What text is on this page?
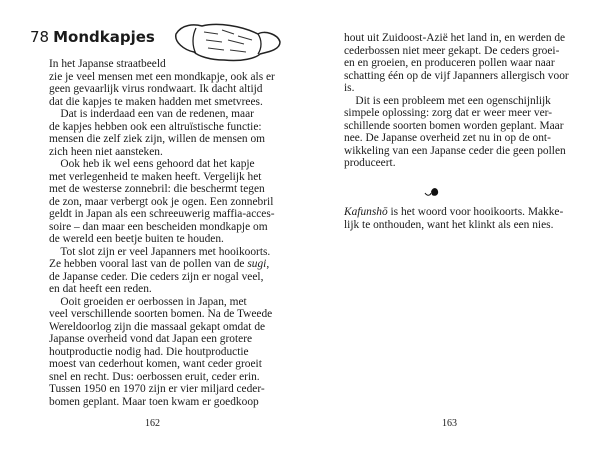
78 Mondkapjes
In het Japanse straatbeeld
zie je veel mensen met een mondkapje, ook als er
geen gevaarlijk virus rondwaart. Ik dacht altijd
dat die kapjes te maken hadden met smetvrees.
 Dat is inderdaad een van de redenen, maar
de kapjes hebben ook een altruïstische functie:
mensen die zelf ziek zijn, willen de mensen om
zich heen niet aansteken.
 Ook heb ik wel eens gehoord dat het kapje
met verlegenheid te maken heeft. Vergelijk het
met de westerse zonnebril: die beschermt tegen
de zon, maar verbergt ook je ogen. Een zonnebril
geldt in Japan als een schreeuwerig maffia-acces-
soire – dan maar een bescheiden mondkapje om
de wereld een beetje buiten te houden.
 Tot slot zijn er veel Japanners met hooikoorts.
Ze hebben vooral last van de pollen van de sugi,
de Japanse ceder. Die ceders zijn er nogal veel,
en dat heeft een reden.
 Ooit groeiden er oerbossen in Japan, met
veel verschillende soorten bomen. Na de Tweede
Wereldoorlog zijn die massaal gekapt omdat de
Japanse overheid vond dat Japan een grotere
houtproductie nodig had. Die houtproductie
moest van cederhout komen, want ceder groeit
snel en recht. Dus: oerbossen eruit, ceder erin.
Tussen 1950 en 1970 zijn er vier miljard ceder-
bomen geplant. Maar toen kwam er goedkoop
162
hout uit Zuidoost-Azië het land in, en werden de
cederbossen niet meer gekapt. De ceders groei-
en en groeien, en produceren pollen waar naar
schatting één op de vijf Japanners allergisch voor
is.
 Dit is een probleem met een ogenschijnlijk
simpele oplossing: zorg dat er weer meer ver-
schillende soorten bomen worden geplant. Maar
nee. De Japanse overheid zet nu in op de ont-
wikkeling van een Japanse ceder die geen pollen
produceert.
Kafunshō is het woord voor hooikoorts. Makke-
lijk te onthouden, want het klinkt als een nies.
163
